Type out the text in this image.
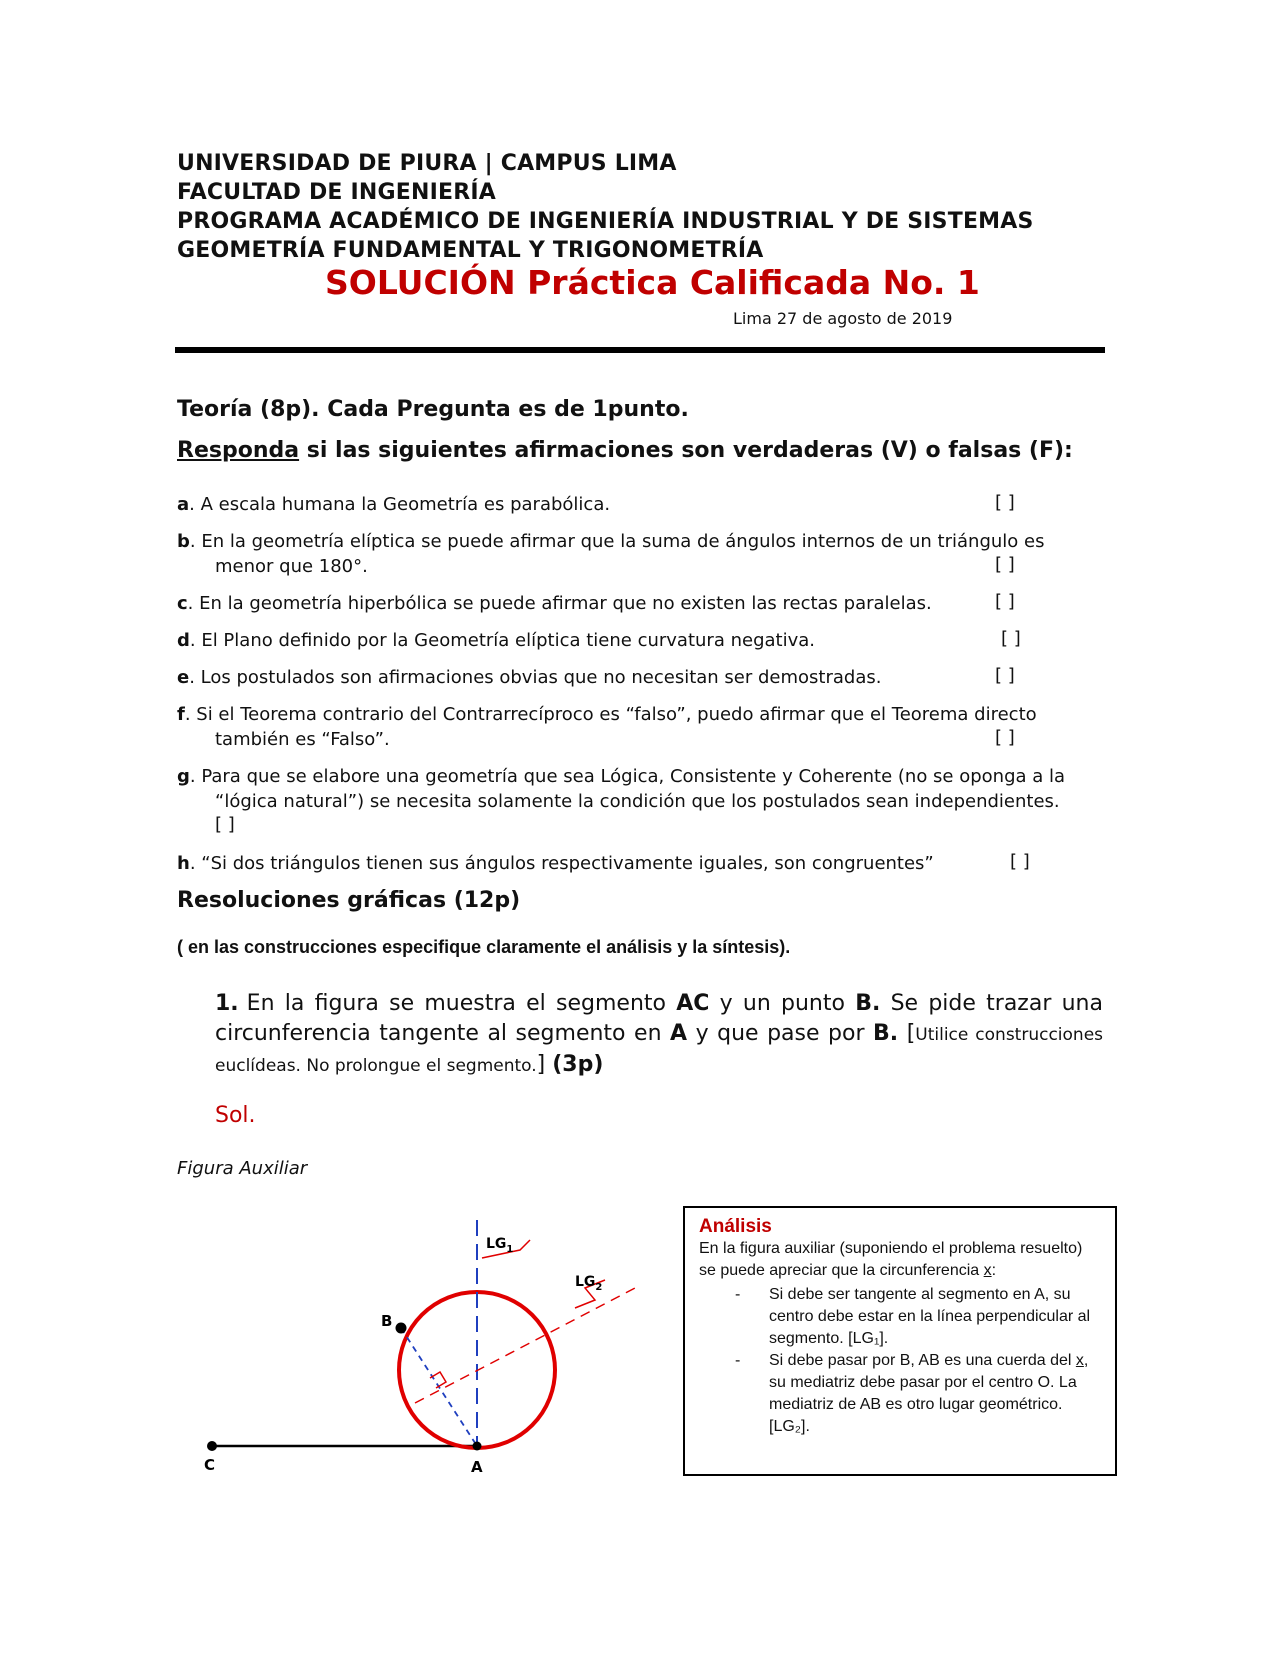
UNIVERSIDAD DE PIURA | CAMPUS LIMA
FACULTAD DE INGENIERÍA
PROGRAMA ACADÉMICO DE INGENIERÍA INDUSTRIAL Y DE SISTEMAS
GEOMETRÍA FUNDAMENTAL Y TRIGONOMETRÍA
SOLUCIÓN Práctica Calificada No. 1
Lima 27 de agosto de 2019
Teoría (8p). Cada Pregunta es de 1punto.
Responda si las siguientes afirmaciones son verdaderas (V) o falsas (F):
a. A escala humana la Geometría es parabólica.	[ ]
b. En la geometría elíptica se puede afirmar que la suma de ángulos internos de un triángulo es
menor que 180°.	[ ]
c. En la geometría hiperbólica se puede afirmar que no existen las rectas paralelas.	[ ]
d. El Plano definido por la Geometría elíptica tiene curvatura negativa.	[ ]
e. Los postulados son afirmaciones obvias que no necesitan ser demostradas.	[ ]
f. Si el Teorema contrario del Contrarrecíproco es “falso”, puedo afirmar que el Teorema directo
también es “Falso”.	[ ]
g. Para que se elabore una geometría que sea Lógica, Consistente y Coherente (no se oponga a la
“lógica natural”) se necesita solamente la condición que los postulados sean independientes.
[ ]
h. “Si dos triángulos tienen sus ángulos respectivamente iguales, son congruentes”	[ ]
Resoluciones gráficas (12p)
( en las construcciones especifique claramente el análisis y la síntesis).
1. En la figura se muestra el segmento AC y un punto B. Se pide trazar una circunferencia tangente al segmento en A y que pase por B. [Utilice construcciones euclídeas. No prolongue el segmento.] (3p)
Sol.
Figura Auxiliar
C	A
B
$LG_1$
$LG_2$
Análisis
En la figura auxiliar (suponiendo el problema resuelto) se puede apreciar que la circunferencia x:
- Si debe ser tangente al segmento en A, su centro debe estar en la línea perpendicular al segmento. [LG₁].
- Si debe pasar por B, AB es una cuerda del x, su mediatriz debe pasar por el centro O. La mediatriz de AB es otro lugar geométrico. [LG₂].
